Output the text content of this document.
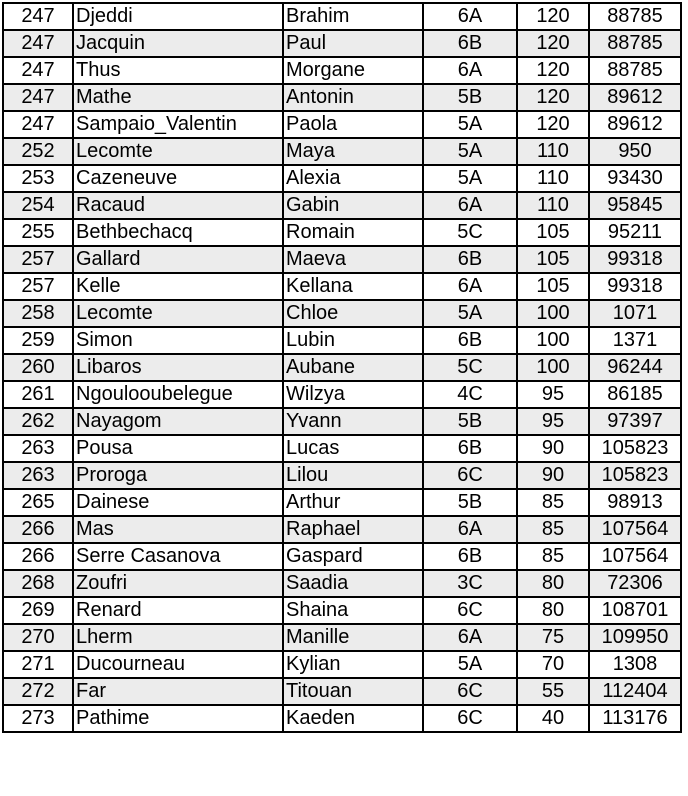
247	Djeddi	Brahim	6A	120	88785
247	Jacquin	Paul	6B	120	88785
247	Thus	Morgane	6A	120	88785
247	Mathe	Antonin	5B	120	89612
247	Sampaio_Valentin	Paola	5A	120	89612
252	Lecomte	Maya	5A	110	950
253	Cazeneuve	Alexia	5A	110	93430
254	Racaud	Gabin	6A	110	95845
255	Bethbechacq	Romain	5C	105	95211
257	Gallard	Maeva	6B	105	99318
257	Kelle	Kellana	6A	105	99318
258	Lecomte	Chloe	5A	100	1071
259	Simon	Lubin	6B	100	1371
260	Libaros	Aubane	5C	100	96244
261	Ngoulooubelegue	Wilzya	4C	95	86185
262	Nayagom	Yvann	5B	95	97397
263	Pousa	Lucas	6B	90	105823
263	Proroga	Lilou	6C	90	105823
265	Dainese	Arthur	5B	85	98913
266	Mas	Raphael	6A	85	107564
266	Serre Casanova	Gaspard	6B	85	107564
268	Zoufri	Saadia	3C	80	72306
269	Renard	Shaina	6C	80	108701
270	Lherm	Manille	6A	75	109950
271	Ducourneau	Kylian	5A	70	1308
272	Far	Titouan	6C	55	112404
273	Pathime	Kaeden	6C	40	113176
